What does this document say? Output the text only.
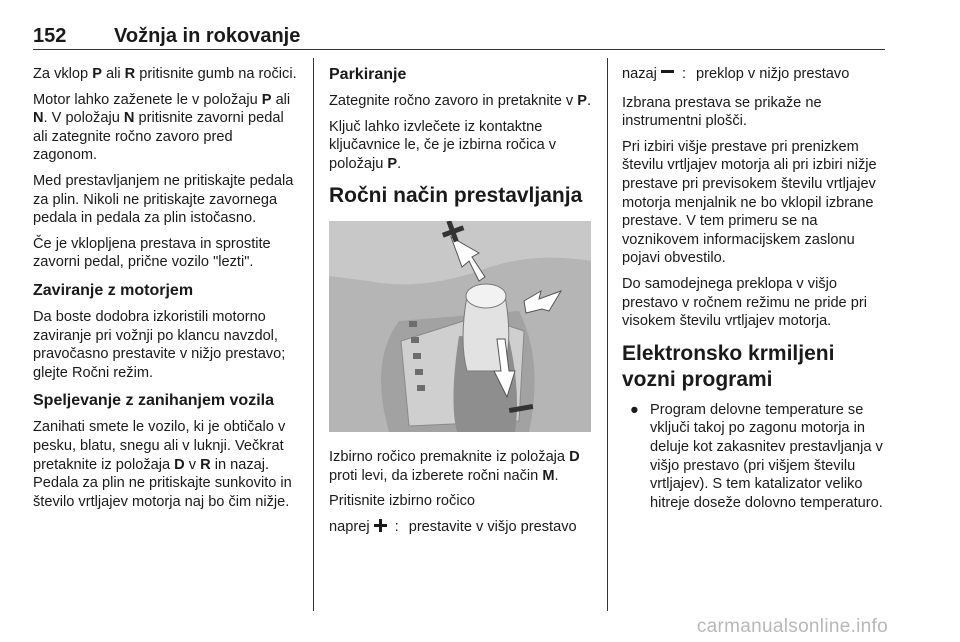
152 Vožnja in rokovanje

Za vklop P ali R pritisnite gumb na ročici.

Motor lahko zaženete le v položaju P ali N. V položaju N pritisnite zavorni pedal ali zategnite ročno zavoro pred zagonom.

Med prestavljanjem ne pritiskajte pedala za plin. Nikoli ne pritiskajte zavornega pedala in pedala za plin istočasno.

Če je vklopljena prestava in sprostite zavorni pedal, prične vozilo "lezti".

Zaviranje z motorjem

Da boste dodobra izkoristili motorno zaviranje pri vožnji po klancu navzdol, pravočasno prestavite v nižjo prestavo; glejte Ročni režim.

Speljevanje z zanihanjem vozila

Zanihati smete le vozilo, ki je obtičalo v pesku, blatu, snegu ali v luknji. Večkrat pretaknite iz položaja D v R in nazaj. Pedala za plin ne pritiskajte sunkovito in število vrtljajev motorja naj bo čim nižje.

Parkiranje

Zategnite ročno zavoro in pretaknite v P.

Ključ lahko izvlečete iz kontaktne ključavnice le, če je izbirna ročica v položaju P.

Ročni način prestavljanja

Izbirno ročico premaknite iz položaja D proti levi, da izberete ročni način M.

Pritisnite izbirno ročico

naprej	: prestavite v višjo prestavo
nazaj	: preklop v nižjo prestavo

Izbrana prestava se prikaže ne instrumentni plošči.

Pri izbiri višje prestave pri prenizkem številu vrtljajev motorja ali pri izbiri nižje prestave pri previsokem številu vrtljajev motorja menjalnik ne bo vklopil izbrane prestave. V tem primeru se na voznikovem informacijskem zaslonu pojavi obvestilo.

Do samodejnega preklopa v višjo prestavo v ročnem režimu ne pride pri visokem številu vrtljajev motorja.

Elektronsko krmiljeni vozni programi
● Program delovne temperature se vključi takoj po zagonu motorja in deluje kot zakasnitev prestavljanja v višjo prestavo (pri višjem številu vrtljajev). S tem katalizator veliko hitreje doseže dolovno temperaturo.
carmanualsonline.info
